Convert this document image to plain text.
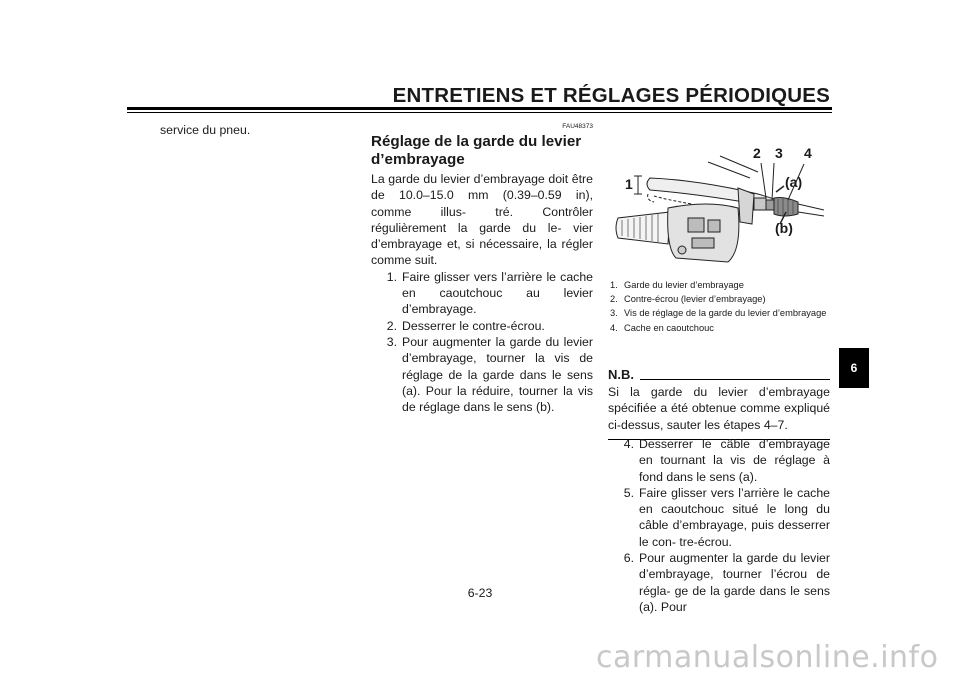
ENTRETIENS ET RÉGLAGES PÉRIODIQUES

service du pneu.	FAU48373
Réglage de la garde du levier d’embrayage

La garde du levier d’embrayage doit être de 10.0–15.0 mm (0.39–0.59 in), comme illus- tré. Contrôler régulièrement la garde du le- vier d’embrayage et, si nécessaire, la régler comme suit.

1. Faire glisser vers l’arrière le cache en caoutchouc au levier d’embrayage.
2. Desserrer le contre-écrou.
3. Pour augmenter la garde du levier d’embrayage, tourner la vis de réglage de la garde dans le sens (a). Pour la réduire, tourner la vis de réglage dans le sens (b).
1
2 3 4
(a)
(b)
1. Garde du levier d’embrayage
2. Contre-écrou (levier d’embrayage)
3. Vis de réglage de la garde du levier d’embrayage
4. Cache en caoutchouc
N.B.
Si la garde du levier d’embrayage spécifiée a été obtenue comme expliqué ci-dessus, sauter les étapes 4–7.
4. Desserrer le câble d’embrayage en tournant la vis de réglage à fond dans le sens (a).
5. Faire glisser vers l’arrière le cache en caoutchouc situé le long du câble d’embrayage, puis desserrer le con- tre-écrou.
6. Pour augmenter la garde du levier d’embrayage, tourner l’écrou de régla- ge de la garde dans le sens (a). Pour
6
6-23
carmanualsonline.info
